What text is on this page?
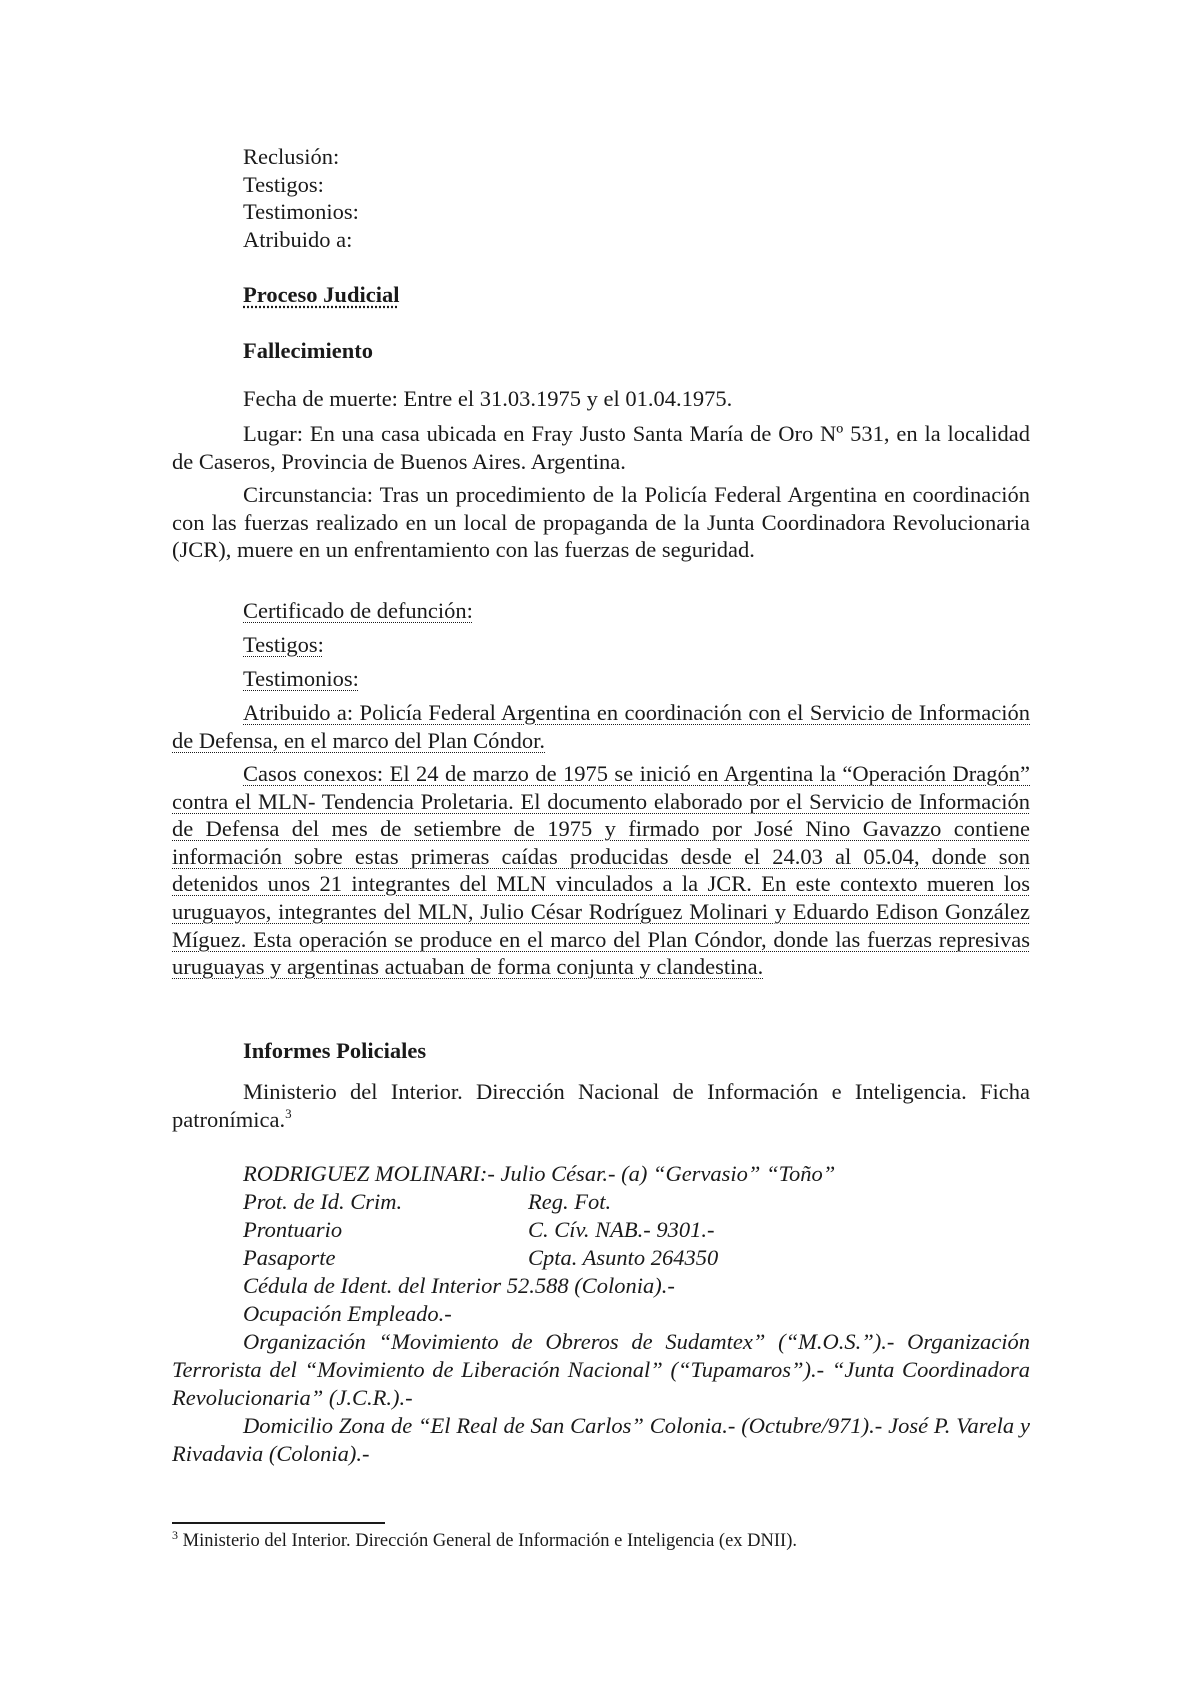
Reclusión:
Testigos:
Testimonios:
Atribuido a:
Proceso Judicial
Fallecimiento
Fecha de muerte: Entre el 31.03.1975 y el 01.04.1975.
Lugar: En una casa ubicada en Fray Justo Santa María de Oro Nº 531, en la localidad de Caseros, Provincia de Buenos Aires. Argentina.
Circunstancia: Tras un procedimiento de la Policía Federal Argentina en coordinación con las fuerzas realizado en un local de propaganda de la Junta Coordinadora Revolucionaria (JCR), muere en un enfrentamiento con las fuerzas de seguridad.
Certificado de defunción:
Testigos:
Testimonios:
Atribuido a: Policía Federal Argentina en coordinación con el Servicio de Información de Defensa, en el marco del Plan Cóndor.
Casos conexos: El 24 de marzo de 1975 se inició en Argentina la “Operación Dragón” contra el MLN- Tendencia Proletaria. El documento elaborado por el Servicio de Información de Defensa del mes de setiembre de 1975 y firmado por José Nino Gavazzo contiene información sobre estas primeras caídas producidas desde el 24.03 al 05.04, donde son detenidos unos 21 integrantes del MLN vinculados a la JCR. En este contexto mueren los uruguayos, integrantes del MLN, Julio César Rodríguez Molinari y Eduardo Edison González Míguez. Esta operación se produce en el marco del Plan Cóndor, donde las fuerzas represivas uruguayas y argentinas actuaban de forma conjunta y clandestina.
Informes Policiales
Ministerio del Interior. Dirección Nacional de Información e Inteligencia. Ficha patronímica.$^3$
RODRIGUEZ MOLINARI:- Julio César.- (a) “Gervasio” “Toño”
Prot. de Id. Crim.	Reg. Fot.
Prontuario	C. Cív. NAB.- 9301.-
Pasaporte	Cpta. Asunto 264350
Cédula de Ident. del Interior 52.588 (Colonia).-
Ocupación Empleado.-
Organización “Movimiento de Obreros de Sudamtex” (“M.O.S.”).- Organización Terrorista del “Movimiento de Liberación Nacional” (“Tupamaros”).- “Junta Coordinadora Revolucionaria” (J.C.R.).-
Domicilio Zona de “El Real de San Carlos” Colonia.- (Octubre/971).- José P. Varela y Rivadavia (Colonia).-
$^3$ Ministerio del Interior. Dirección General de Información e Inteligencia (ex DNII).
